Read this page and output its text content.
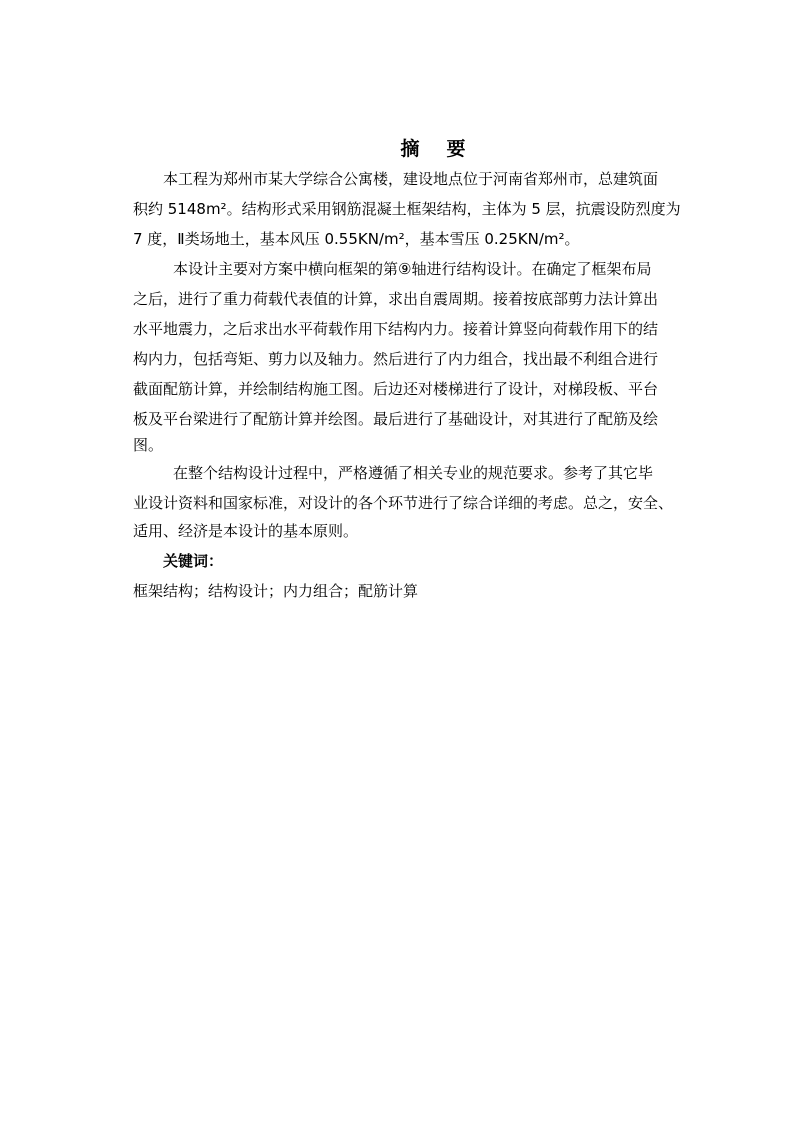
摘　要
本工程为郑州市某大学综合公寓楼，建设地点位于河南省郑州市，总建筑面
积约 5148m²。结构形式采用钢筋混凝土框架结构，主体为 5 层，抗震设防烈度为
7 度，Ⅱ类场地土，基本风压 0.55KN/m²，基本雪压 0.25KN/m²。
本设计主要对方案中横向框架的第⑨轴进行结构设计。在确定了框架布局
之后，进行了重力荷载代表值的计算，求出自震周期。接着按底部剪力法计算出
水平地震力，之后求出水平荷载作用下结构内力。接着计算竖向荷载作用下的结
构内力，包括弯矩、剪力以及轴力。然后进行了内力组合，找出最不利组合进行
截面配筋计算，并绘制结构施工图。后边还对楼梯进行了设计，对梯段板、平台
板及平台梁进行了配筋计算并绘图。最后进行了基础设计，对其进行了配筋及绘
图。
在整个结构设计过程中，严格遵循了相关专业的规范要求。参考了其它毕
业设计资料和国家标准，对设计的各个环节进行了综合详细的考虑。总之，安全、
适用、经济是本设计的基本原则。
关键词：
框架结构；结构设计；内力组合；配筋计算
